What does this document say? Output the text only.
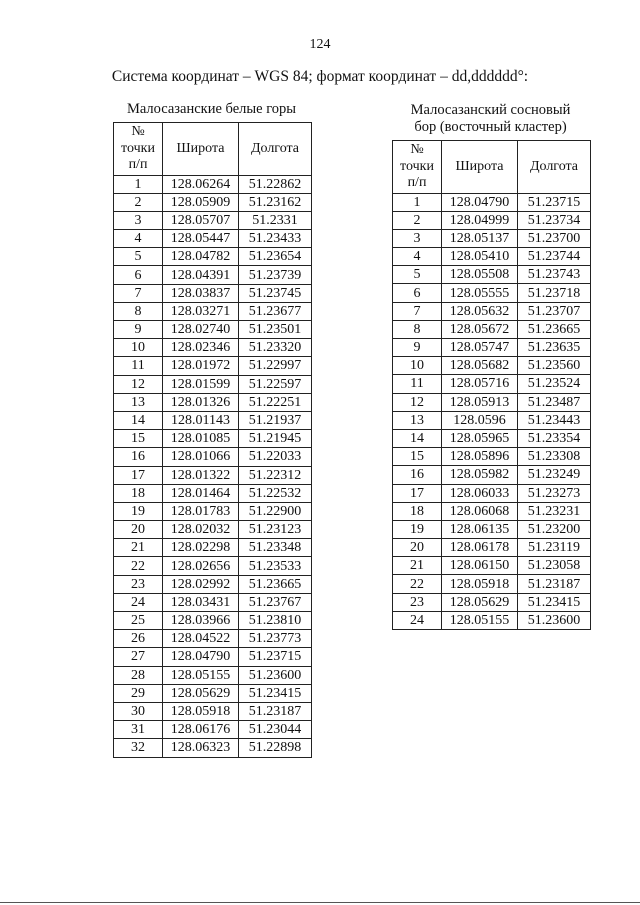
124
Система координат – WGS 84; формат координат – dd,dddddd°:
Малосазанские белые горы
№
точки
п/п	Широта	Долгота
1	128.06264	51.22862
2	128.05909	51.23162
3	128.05707	51.2331
4	128.05447	51.23433
5	128.04782	51.23654
6	128.04391	51.23739
7	128.03837	51.23745
8	128.03271	51.23677
9	128.02740	51.23501
10	128.02346	51.23320
11	128.01972	51.22997
12	128.01599	51.22597
13	128.01326	51.22251
14	128.01143	51.21937
15	128.01085	51.21945
16	128.01066	51.22033
17	128.01322	51.22312
18	128.01464	51.22532
19	128.01783	51.22900
20	128.02032	51.23123
21	128.02298	51.23348
22	128.02656	51.23533
23	128.02992	51.23665
24	128.03431	51.23767
25	128.03966	51.23810
26	128.04522	51.23773
27	128.04790	51.23715
28	128.05155	51.23600
29	128.05629	51.23415
30	128.05918	51.23187
31	128.06176	51.23044
32	128.06323	51.22898
Малосазанский сосновый
бор (восточный кластер)
№
точки
п/п	Широта	Долгота
1	128.04790	51.23715
2	128.04999	51.23734
3	128.05137	51.23700
4	128.05410	51.23744
5	128.05508	51.23743
6	128.05555	51.23718
7	128.05632	51.23707
8	128.05672	51.23665
9	128.05747	51.23635
10	128.05682	51.23560
11	128.05716	51.23524
12	128.05913	51.23487
13	128.0596	51.23443
14	128.05965	51.23354
15	128.05896	51.23308
16	128.05982	51.23249
17	128.06033	51.23273
18	128.06068	51.23231
19	128.06135	51.23200
20	128.06178	51.23119
21	128.06150	51.23058
22	128.05918	51.23187
23	128.05629	51.23415
24	128.05155	51.23600
